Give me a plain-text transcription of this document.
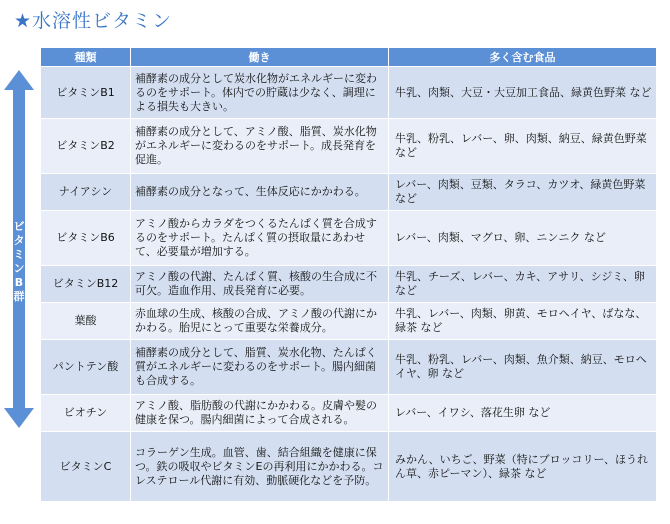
★水溶性ビタミン
ビタミンB群
種類	働き	多く含む食品
ビタミンB1	補酵素の成分として炭水化物がエネルギーに変わるのをサポート。体内での貯蔵は少なく、調理による損失も大きい。	牛乳、肉類、大豆・大豆加工食品、緑黄色野菜 など
ビタミンB2	補酵素の成分として、アミノ酸、脂質、炭水化物がエネルギーに変わるのをサポート。成長発育を促進。	牛乳、粉乳、レバー、卵、肉類、納豆、緑黄色野菜 など
ナイアシン	補酵素の成分となって、生体反応にかかわる。	レバー、肉類、豆類、タラコ、カツオ、緑黄色野菜 など
ビタミンB6	アミノ酸からカラダをつくるたんぱく質を合成するのをサポート。たんぱく質の摂取量にあわせて、必要量が増加する。	レバー、肉類、マグロ、卵、ニンニク など
ビタミンB12	アミノ酸の代謝、たんぱく質、核酸の生合成に不可欠。造血作用、成長発育に必要。	牛乳、チーズ、レバー、カキ、アサリ、シジミ、卵 など
葉酸	赤血球の生成、核酸の合成、アミノ酸の代謝にかかわる。胎児にとって重要な栄養成分。	牛乳、レバー、肉類、卵黄、モロヘイヤ、ばなな、緑茶 など
パントテン酸	補酵素の成分として、脂質、炭水化物、たんぱく質がエネルギーに変わるのをサポート。腸内細菌も合成する。	牛乳、粉乳、レバー、肉類、魚介類、納豆、モロヘイヤ、卵 など
ビオチン	アミノ酸、脂肪酸の代謝にかかわる。皮膚や髪の健康を保つ。腸内細菌によって合成される。	レバー、イワシ、落花生卵 など
ビタミンC	コラーゲン生成。血管、歯、結合組織を健康に保つ。鉄の吸収やビタミンEの再利用にかかわる。コレステロール代謝に有効、動脈硬化などを予防。	みかん、いちご、野菜（特にブロッコリー、ほうれん草、赤ピーマン）、緑茶 など
